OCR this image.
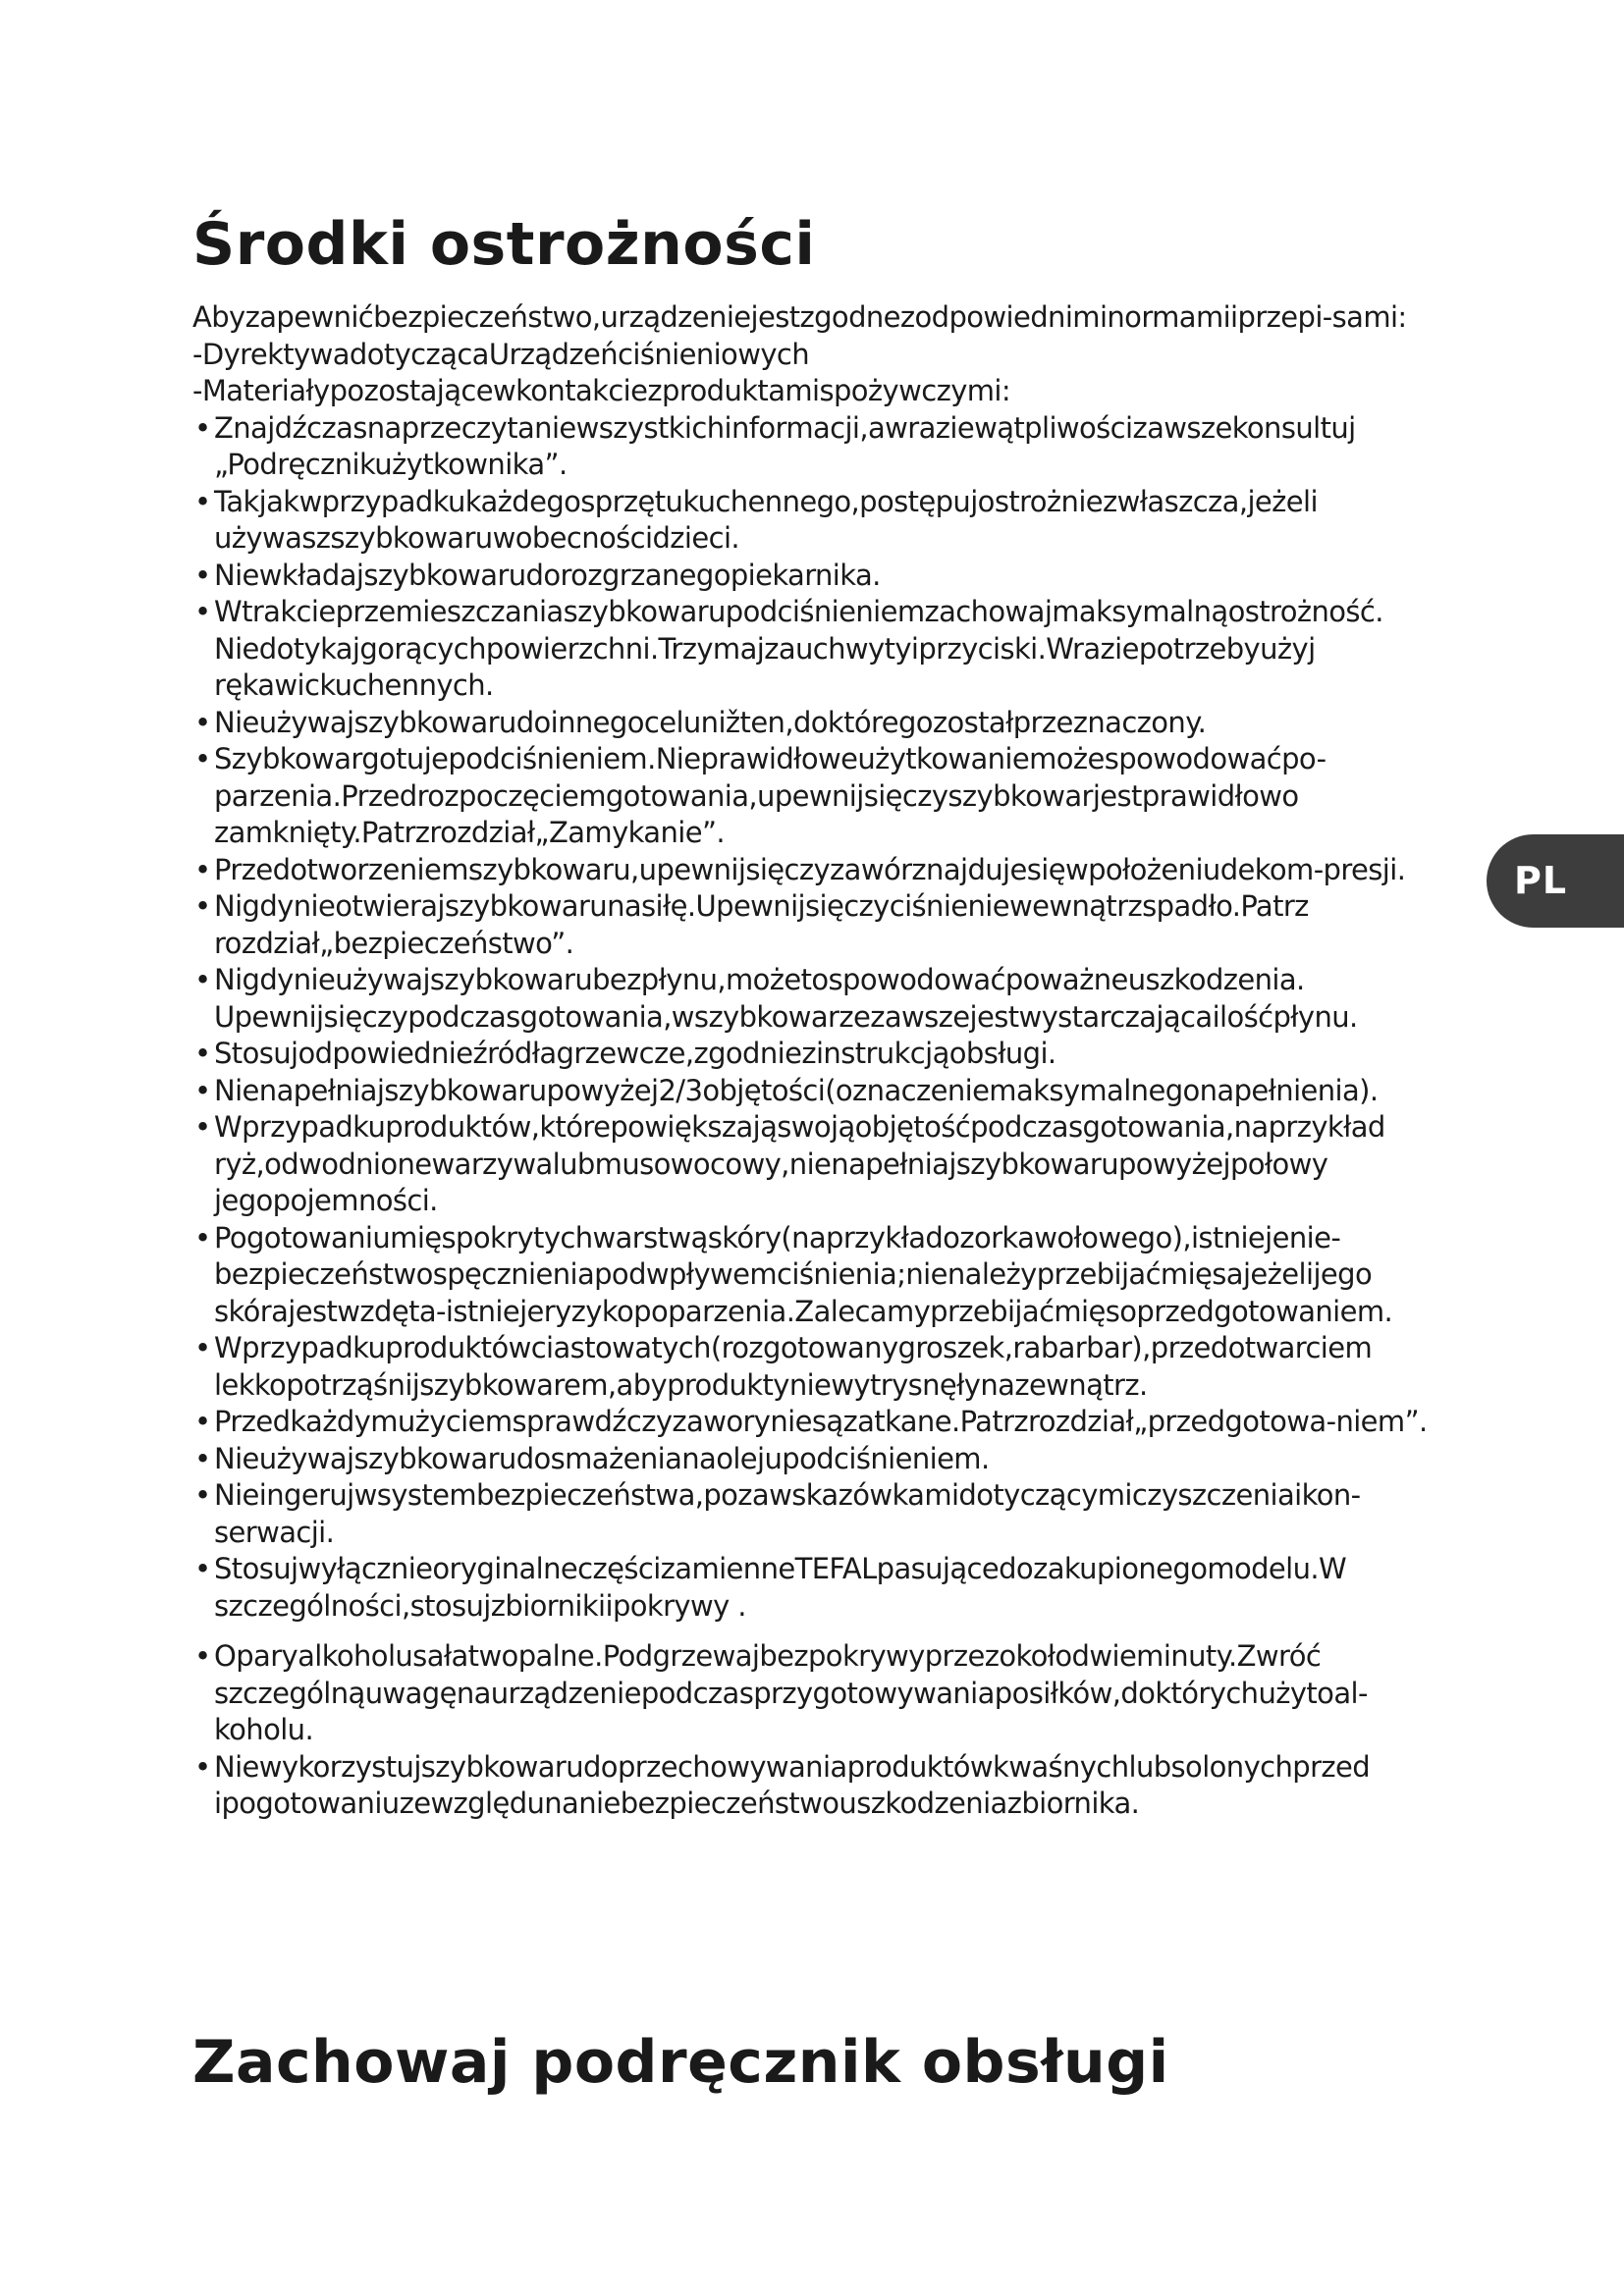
Środki ostrożności

Abyzapewnićbezpieczeństwo,urządzeniejestzgodnezodpowiedniminormamiiprzepi-sami:

-DyrektywadotyczącaUrządzeńciśnieniowych

-Materiałypozostającewkontakciezproduktamispożywczymi:

• Znajdźczasnaprzeczytaniewszystkichinformacji,awraziewątpliwościzawszekonsultuj „Podręcznikużytkownika”.
• Takjakwprzypadkukażdegosprzętukuchennego,postępujostrożniezwłaszcza,jeżeli używaszszybkowaruwobecnościdzieci.
• Niewkładajszybkowarudorozgrzanegopiekarnika.
• Wtrakcieprzemieszczaniaszybkowarupodciśnieniemzachowajmaksymalnąostrożność. Niedotykajgorącychpowierzchni.Trzymajzauchwytyiprzyciski.Wraziepotrzebyużyj rękawickuchennych.
• Nieużywajszybkowarudoinnegocelunižten,doktóregozostałprzeznaczony.
• Szybkowargotujepodciśnieniem.Nieprawidłoweużytkowaniemożespowodowaćpo-parzenia.Przedrozpoczęciemgotowania,upewnijsięczyszybkowarjestprawidłowo zamknięty.Patrzrozdział„Zamykanie”.
• Przedotworzeniemszybkowaru,upewnijsięczyzawórznajdujesięwpołożeniudekom-presji.
• Nigdynieotwierajszybkowarunasiłę.Upewnijsięczyciśnieniewewnątrzspadło.Patrz rozdział„bezpieczeństwo”.
• Nigdynieużywajszybkowarubezpłynu,możetospowodowaćpoważneuszkodzenia. Upewnijsięczypodczasgotowania,wszybkowarzezawszejestwystarczającailośćpłynu.
• Stosujodpowiednieźródłagrzewcze,zgodniezinstrukcjąobsługi.
• Nienapełniajszybkowarupowyżej2/3objętości(oznaczeniemaksymalnegonapełnienia).
• Wprzypadkuproduktów,którepowiększająswojąobjętośćpodczasgotowania,naprzykład ryż,odwodnionewarzywalubmusowocowy,nienapełniajszybkowarupowyżejpołowy jegopojemności.
• Pogotowaniumięspokrytychwarstwąskóry(naprzykładozorkawołowego),istniejenie-bezpieczeństwospęcznieniapodwpływemciśnienia;nienależyprzebijaćmięsajeżelijego skórajestwzdęta-istniejeryzykopoparzenia.Zalecamyprzebijaćmięsoprzedgotowaniem.
• Wprzypadkuproduktówciastowatych(rozgotowanygroszek,rabarbar),przedotwarciem lekkopotrząśnijszybkowarem,abyproduktyniewytrysnęłynazewnątrz.
• Przedkażdymużyciemsprawdźczyzaworyniesązatkane.Patrzrozdział„przedgotowa-niem”.
• Nieużywajszybkowarudosmażenianaolejupodciśnieniem.
• Nieingerujwsystembezpieczeństwa,pozawskazówkamidotyczącymiczyszczeniaikon-serwacji.
• StosujwyłącznieoryginalneczęścizamienneTEFALpasującedozakupionegomodelu.W szczególności,stosujzbiornikiipokrywy .
• Oparyalkoholusałatwopalne.Podgrzewajbezpokrywyprzezokołodwieminuty.Zwróć szczególnąuwagęnaurządzeniepodczasprzygotowywaniaposiłków,doktórychużytoal-koholu.
• Niewykorzystujszybkowarudoprzechowywaniaproduktówkwaśnychlubsolonychprzed ipogotowaniuzewzględunaniebezpieczeństwouszkodzeniazbiornika.
Zachowaj podręcznik obsługi
PL
